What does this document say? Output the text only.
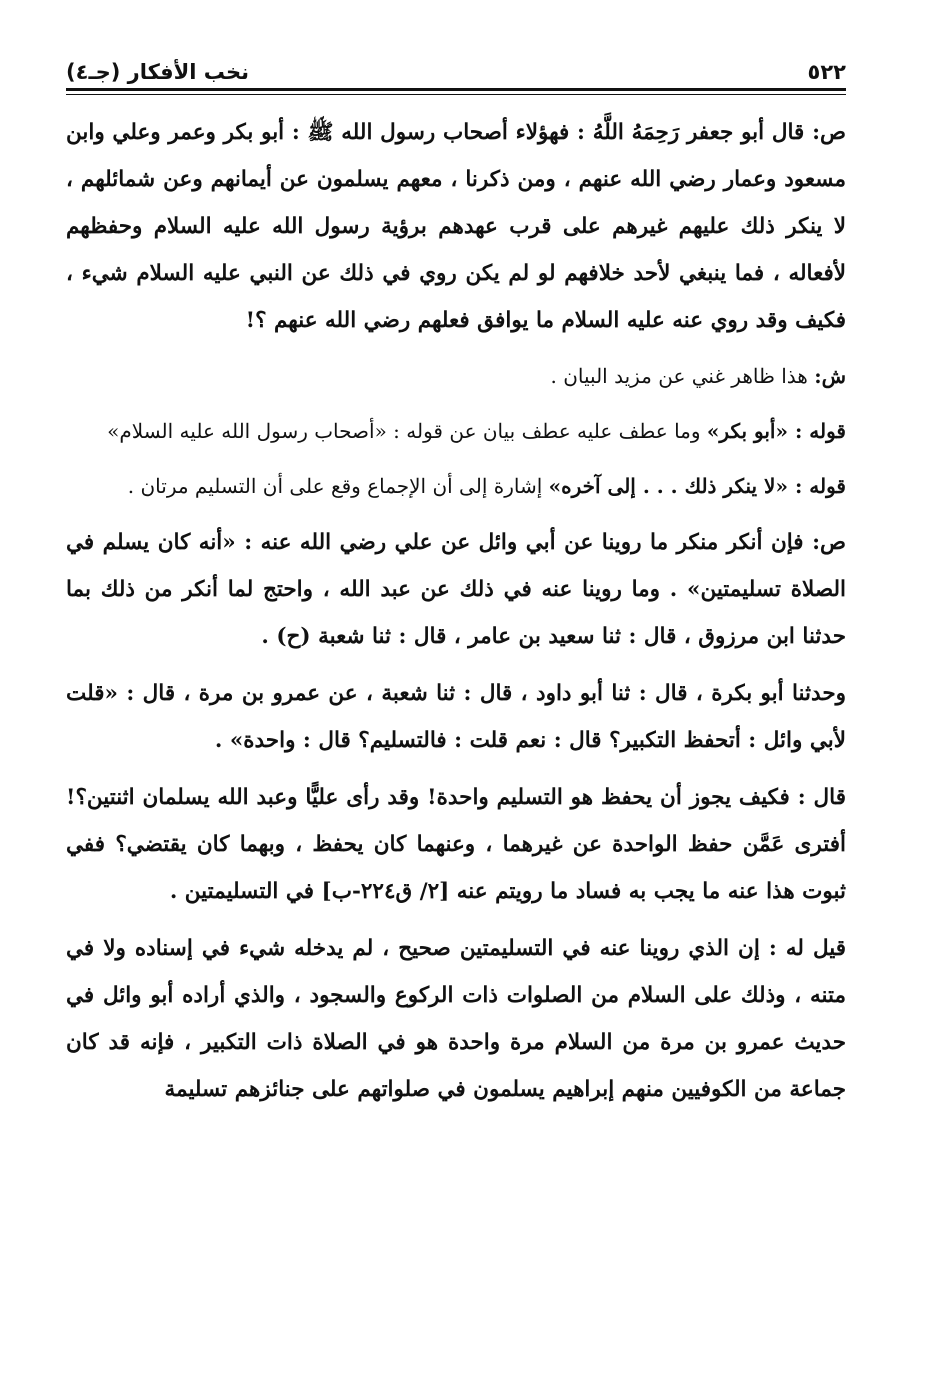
٥٢٢
نخب الأفكار (جـ٤)

ص: قال أبو جعفر رَحِمَهُ اللَّهُ : فهؤلاء أصحاب رسول الله ﷺ : أبو بكر وعمر وعلي وابن مسعود وعمار رضي الله عنهم ، ومن ذكرنا ، معهم يسلمون عن أيمانهم وعن شمائلهم ، لا ينكر ذلك عليهم غيرهم على قرب عهدهم برؤية رسول الله عليه السلام وحفظهم لأفعاله ، فما ينبغي لأحد خلافهم لو لم يكن روي في ذلك عن النبي عليه السلام شيء ، فكيف وقد روي عنه عليه السلام ما يوافق فعلهم رضي الله عنهم ؟!

ش: هذا ظاهر غني عن مزيد البيان .

قوله : «أبو بكر» وما عطف عليه عطف بيان عن قوله : «أصحاب رسول الله عليه السلام»

قوله : «لا ينكر ذلك . . . إلى آخره» إشارة إلى أن الإجماع وقع على أن التسليم مرتان .

ص: فإن أنكر منكر ما روينا عن أبي وائل عن علي رضي الله عنه : «أنه كان يسلم في الصلاة تسليمتين» . وما روينا عنه في ذلك عن عبد الله ، واحتج لما أنكر من ذلك بما حدثنا ابن مرزوق ، قال : ثنا سعيد بن عامر ، قال : ثنا شعبة (ح) .

وحدثنا أبو بكرة ، قال : ثنا أبو داود ، قال : ثنا شعبة ، عن عمرو بن مرة ، قال : «قلت لأبي وائل : أتحفظ التكبير؟ قال : نعم قلت : فالتسليم؟ قال : واحدة» .

قال : فكيف يجوز أن يحفظ هو التسليم واحدة! وقد رأى عليًّا وعبد الله يسلمان اثنتين؟! أفترى عَمَّن حفظ الواحدة عن غيرهما ، وعنهما كان يحفظ ، وبهما كان يقتضي؟ ففي ثبوت هذا عنه ما يجب به فساد ما رويتم عنه [٢/ ق٢٢٤-ب] في التسليمتين .

قيل له : إن الذي روينا عنه في التسليمتين صحيح ، لم يدخله شيء في إسناده ولا في متنه ، وذلك على السلام من الصلوات ذات الركوع والسجود ، والذي أراده أبو وائل في حديث عمرو بن مرة من السلام مرة واحدة هو في الصلاة ذات التكبير ، فإنه قد كان جماعة من الكوفيين منهم إبراهيم يسلمون في صلواتهم على جنائزهم تسليمة
